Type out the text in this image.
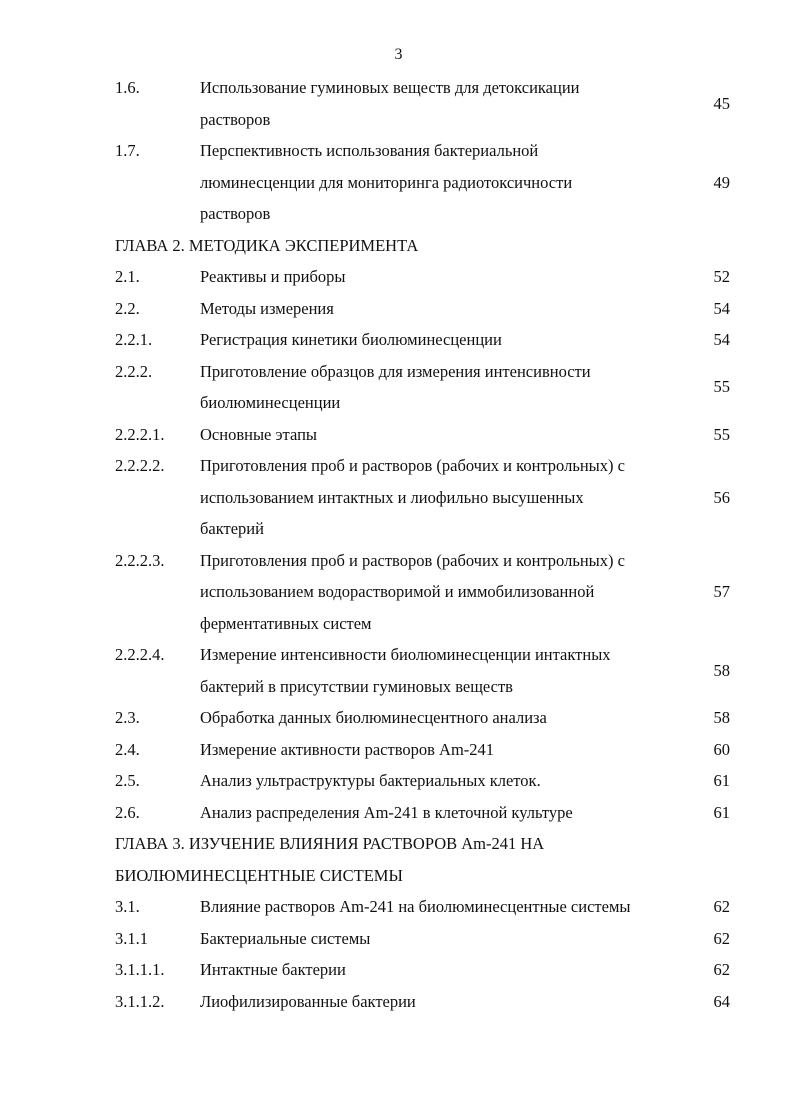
3
1.6.	Использование гуминовых веществ для детоксикации
растворов
45
1.7.	Перспективность использования бактериальной
люминесценции для мониторинга радиотоксичности
растворов
49
ГЛАВА 2. МЕТОДИКА ЭКСПЕРИМЕНТА
2.1.	Реактивы и приборы	52
2.2.	Методы измерения	54
2.2.1.	Регистрация кинетики биолюминесценции	54
2.2.2.	Приготовление образцов для измерения интенсивности
биолюминесценции
55
2.2.2.1.	Основные этапы	55
2.2.2.2.	Приготовления проб и растворов (рабочих и контрольных) с
использованием интактных и лиофильно высушенных
бактерий
56
2.2.2.3.	Приготовления проб и растворов (рабочих и контрольных) с
использованием водорастворимой и иммобилизованной
ферментативных систем
57
2.2.2.4.	Измерение интенсивности биолюминесценции интактных
бактерий в присутствии гуминовых веществ
58
2.3.	Обработка данных биолюминесцентного анализа	58
2.4.	Измерение активности растворов Am-241	60
2.5.	Анализ ультраструктуры бактериальных клеток.	61
2.6.	Анализ распределения Am-241 в клеточной культуре	61
ГЛАВА 3. ИЗУЧЕНИЕ ВЛИЯНИЯ РАСТВОРОВ Am-241 НА
БИОЛЮМИНЕСЦЕНТНЫЕ СИСТЕМЫ
3.1.	Влияние растворов Am-241 на биолюминесцентные системы	62
3.1.1	Бактериальные системы	62
3.1.1.1.	Интактные бактерии	62
3.1.1.2.	Лиофилизированные бактерии	64
